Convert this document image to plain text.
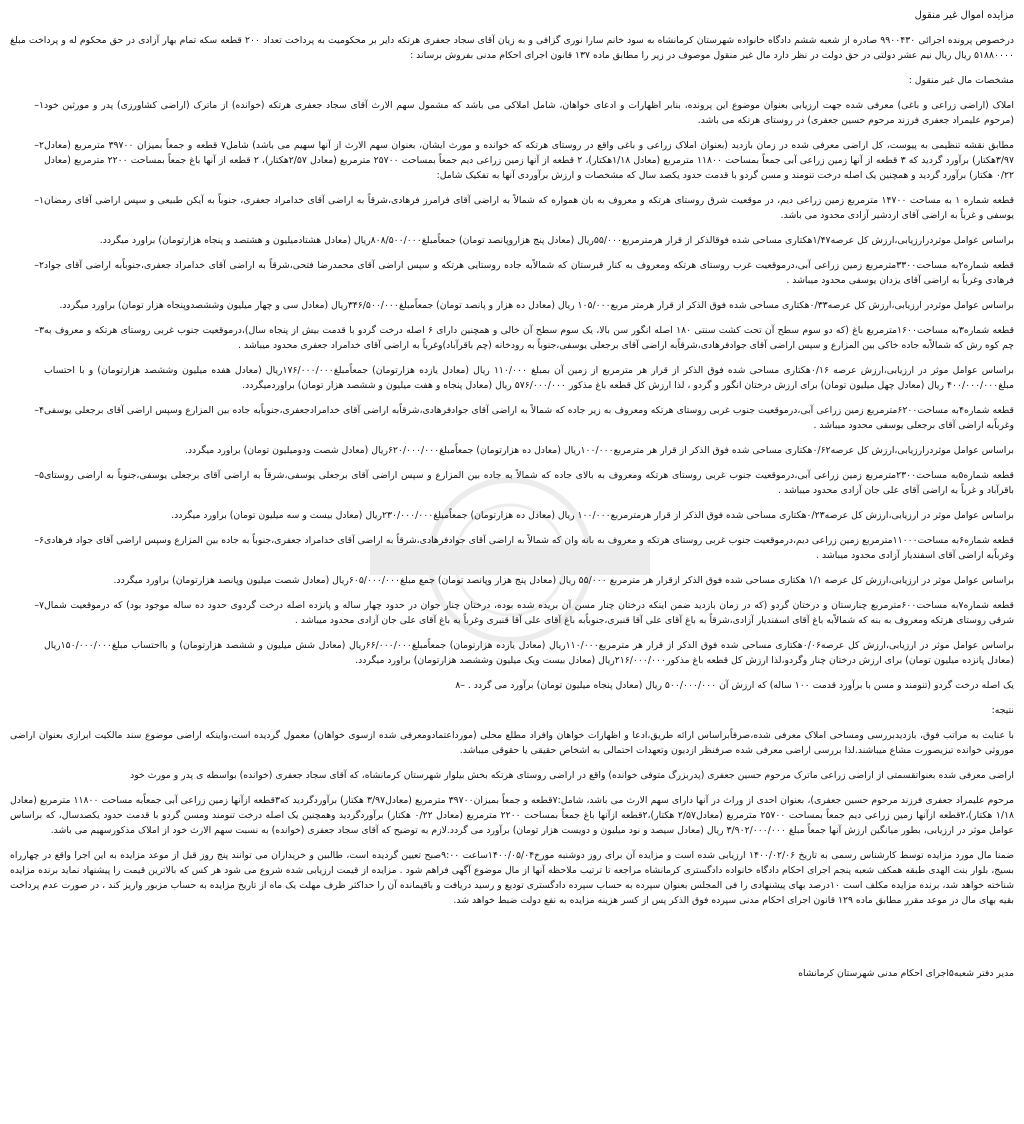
مزایده اموال غیر منقول
درخصوص پرونده اجرائی ۹۹۰۰۴۳۰ صادره از شعبه ششم دادگاه خانواده شهرستان کرمانشاه به سود خانم سارا نوری گزافی و به زیان آقای سجاد جعفری هرتکه دایر بر محکومیت به پرداخت تعداد ۲۰۰ قطعه سکه تمام بهار آزادی در حق محکوم له و پرداخت مبلغ ۵۱۸۸۰۰۰۰ ریال ریال نیم عشر دولتی در حق دولت در نظر دارد مال غیر منقول موصوف در زیر را مطابق ماده ۱۳۷ قانون اجرای احکام مدنی بفروش برساند :
مشخصات مال غیر منقول :
املاک (اراضی زراعی و باغی) معرفی شده جهت ارزیابی بعنوان موضوع این پرونده، بنابر اظهارات و ادعای خواهان، شامل املاکی می باشد که مشمول سهم الارث آقای سجاد جعفری هرتکه (خوانده) از ماترک (اراضی کشاورزی) پدر و مورثین خود (مرحوم علیمراد جعفری فرزند مرحوم حسین جعفری) در روستای هرتکه می باشد.
۱–
مطابق نقشه تنظیمی به پیوست، کل اراضی معرفی شده در زمان بازدید (بعنوان املاک زراعی و باغی واقع در روستای هرتکه که خوانده و مورث ایشان، بعنوان سهم الارث از آنها سهیم می باشد) شامل۷ قطعه و جمعاً بمیزان ۳۹۷۰۰ مترمربع (معادل ۳/۹۷هکتار) برآورد گردید که ۳ قطعه از آنها زمین زراعی آبی جمعاً بمساحت ۱۱۸۰۰ مترمربع (معادل ۱/۱۸هکتار)، ۲ قطعه از آنها زمین زراعی دیم جمعاً بمساحت ۲۵۷۰۰ مترمربع (معادل ۲/۵۷هکتار)، ۲ قطعه از آنها باغ جمعاً بمساحت ۲۲۰۰ مترمربع (معادل ۰/۲۲ هکتار) برآورد گردید و همچنین یک اصله درخت تنومند و مسن گردو با قدمت حدود یکصد سال که مشخصات و ارزش برآوردی آنها به تفکیک شامل:
۲–
قطعه شماره ۱ به مساحت ۱۴۷۰۰ مترمربع زمین زراعی دیم، در موقعیت شرق روستای هرتکه و معروف به بان همواره که شمالاً به اراضی آقای فرامرز فرهادی،شرقاً به اراضی آقای خدامراد جعفری، جنوباً به آیکن طبیعی و سپس اراضی آقای رمضان یوسفی و غرباً به اراضی آقای اردشیر آزادی محدود می باشد.
۱–
براساس عوامل موثردرارزیابی،ارزش کل عرصه۱/۴۷هکتاری مساحی شده فوقالذکر از قرار هرمترمربع۵۵/۰۰۰ریال (معادل پنج هزاروپانصد تومان) جمعاًمبلغ۸۰۸/۵۰۰/۰۰۰ریال (معادل هشتادمیلیون و هشتصد و پنجاه هزارتومان) براورد میگردد.
قطعه شماره۲به مساحت۳۳۰۰مترمربع زمین زراعی آبی،درموقعیت غرب روستای هرتکه ومعروف به کنار قبرستان که شمالاًبه جاده روستایی هرتکه و سپس اراضی آقای محمدرضا فتحی،شرقاً به اراضی آقای خدامراد جعفری،جنوباًبه اراضی آقای جواد فرهادی وغرباً به اراضی آقای یزدان یوسفی محدود میباشد .
۲–
براساس عوامل موثردر ارزیابی،ارزش کل عرصه۰/۳۳هکتاری مساحی شده فوق الذکر از قرار هرمتر مربع۱۰۵/۰۰۰ ریال (معادل ده هزار و پانصد تومان) جمعاًمبلغ۳۴۶/۵۰۰/۰۰۰ریال (معادل سی و چهار میلیون وششصدوپنجاه هزار تومان) براورد میگردد.
قطعه شماره۳به مساحت۱۶۰۰مترمربع باغ (که دو سوم سطح آن تحت کشت سنتی ۱۸۰ اصله انگور سن بالا، یک سوم سطح آن خالی و همچنین دارای ۶ اصله درخت گردو با قدمت بیش از پنجاه سال)،درموقعیت جنوب غربی روستای هرتکه و معروف به چم کوه رش که شمالاًبه جاده خاکی بین المزارع و سپس اراضی آقای جوادفرهادی،شرقاًبه اراضی آقای برجعلی یوسفی،جنوباً به رودخانه (چم باقرآباد)وغرباً به اراضی آقای خدامراد جعفری محدود میباشد .
۳–
براساس عوامل موثر در ارزیابی،ارزش عرصه ۰/۱۶هکتاری مساحی شده فوق الذکر از قرار هر مترمربع از زمین آن بمبلغ ۱۱۰/۰۰۰ ریال (معادل یازده هزارتومان) جمعاًمبلغ۱۷۶/۰۰۰/۰۰۰ریال (معادل هفده میلیون وششصد هزارتومان) و با احتساب مبلغ۴۰۰/۰۰۰/۰۰۰ ریال (معادل چهل میلیون تومان) برای ارزش درختان انگور و گردو ، لذا ارزش کل قطعه باغ مذکور ۵۷۶/۰۰۰/۰۰۰ ریال (معادل پنجاه و هفت میلیون و ششصد هزار تومان) براوردمیگردد.
قطعه شماره۴به مساحت۶۲۰۰مترمربع زمین زراعی آبی،درموقعیت جنوب غربی روستای هرتکه ومعروف به زیر جاده که شمالاً به اراضی آقای جوادفرهادی،شرقاًبه اراضی آقای خدامرادجعفری،جنوباًبه جاده بین المزارع وسپس اراضی آقای برجعلی یوسفی وغرباًبه اراضی آقای برجعلی یوسفی محدود میباشد .
۴–
براساس عوامل موثردرارزیابی،ارزش کل عرصه۰/۶۲هکتاری مساحی شده فوق الذکر از قرار هر مترمربع۱۰۰/۰۰۰ریال (معادل ده هزارتومان) جمعاًمبلغ۶۲۰/۰۰۰/۰۰۰ریال (معادل شصت ودومیلیون تومان) براورد میگردد.
قطعه شماره۵به مساحت۲۳۰۰مترمربع زمین زراعی آبی،درموقعیت جنوب غربی روستای هرتکه ومعروف به بالای جاده که شمالاً به جاده بین المزارع و سپس اراضی آقای برجعلی یوسفی،شرقاً به اراضی آقای برجعلی یوسفی،جنوباً به اراضی روستای باقرآباد و غرباً به اراضی آقای علی جان آزادی محدود میباشد .
۵–
براساس عوامل موثر در ارزیابی،ارزش کل عرصه۰/۲۳هکتاری مساحی شده فوق الذکر از قرار هرمترمربع۱۰۰/۰۰۰ ریال (معادل ده هزارتومان) جمعاًمبلغ۲۳۰/۰۰۰/۰۰۰ریال (معادل بیست و سه میلیون تومان) براورد میگردد.
قطعه شماره۶به مساحت۱۱۰۰۰مترمربع زمین زراعی دیم،درموقعیت جنوب غربی روستای هرتکه و معروف به بانه وان که شمالاً به اراضی آقای جوادفرهادی،شرقاً به اراضی آقای خدامراد جعفری،جنوباً به جاده بین المزارع وسپس اراضی آقای جواد فرهادی وغرباًبه اراضی آقای اسفندیار آزادی محدود میباشد .
۶–
براساس عوامل موثر در ارزیابی،ارزش کل عرصه ۱/۱ هکتاری مساحی شده فوق الذکر ازقرار هر مترمربع ۵۵/۰۰۰ ریال (معادل پنج هزار وپانصد تومان) جمع مبلغ۶۰۵/۰۰۰/۰۰۰ریال (معادل شصت میلیون وپانصد هزارتومان) براورد میگردد.
قطعه شماره۷به مساحت۶۰۰مترمربع چنارستان و درختان گردو (که در زمان بازدید ضمن اینکه درختان چنار مسن آن بریده شده بوده، درختان چنار جوان در حدود چهار ساله و پانزده اصله درخت گردوی حدود ده ساله موجود بود) که درموقعیت شمال شرقی روستای هرتکه ومعروف به بنه که شمالاًبه باغ آقای اسفندیار آزادی،شرقاً به باغ آقای علی آقا قنبری،جنوباًبه باغ آقای علی آقا قنبری وغرباً به باغ آقای علی جان آزادی محدود میباشد .
۷–
براساس عوامل موثر در ارزیابی،ارزش کل عرصه۰/۰۶هکتاری مساحی شده فوق الذکر از قرار هر مترمربع۱۱۰/۰۰۰ریال (معادل یازده هزارتومان) جمعاًمبلغ۶۶/۰۰۰/۰۰۰ریال (معادل شش میلیون و ششصد هزارتومان) و بااحتساب مبلغ۱۵۰/۰۰۰/۰۰۰ریال (معادل پانزده میلیون تومان) برای ارزش درختان چنار وگردو،لذا ارزش کل قطعه باغ مذکور۲۱۶/۰۰۰/۰۰۰ریال (معادل بیست ویک میلیون وششصد هزارتومان) براورد میگردد.
یک اصله درخت گردو (تنومند و مسن با برآورد قدمت ۱۰۰ ساله) که ارزش آن ۵۰۰/۰۰۰/۰۰۰ ریال (معادل پنجاه میلیون تومان) برآورد می گردد . –۸
نتیجه:
با عنایت به مراتب فوق، بازدیدبررسی ومساحی املاک معرفی شده،صرفاًبراساس ارائه طریق،ادعا و اظهارات خواهان وافراد مطلع محلی (مورداعتمادومعرفی شده ازسوی خواهان) معمول گردیده است،واینکه اراضی موضوع سند مالکیت ابرازی بعنوان اراضی موروثی خوانده تیزیصورت مشاع میباشند.لذا بررسی اراضی معرفی شده صرفنظر ازدیون وتعهدات احتمالی به اشخاص حقیقی یا حقوقی میباشد.
اراضی معرفی شده بعنواتقسمتی از اراضی زراعی ماترک مرحوم حسین جعفری (پدربزرگ متوفی خوانده) واقع در اراضی روستای هرتکه بخش بیلوار شهرستان کرمانشاه، که آقای سجاد جعفری (خوانده) بواسطه ی پدر و مورث خود
مرحوم علیمراد جعفری فرزند مرحوم حسین جعفری)، بعنوان احدی از وراث در آنها دارای سهم الارث می باشد، شامل:۷قطعه و جمعاً بمیزان۳۹۷۰۰ مترمربع (معادل۳/۹۷ هکتار) برآوردگردید که۳قطعه ازآنها زمین زراعی آبی جمعاًبه مساحت ۱۱۸۰۰ مترمربع (معادل ۱/۱۸ هکتار)،۲قطعه ازآنها زمین زراعی دیم جمعاً بمساحت ۲۵۷۰۰ مترمربع (معادل۲/۵۷ هکتار)،۲قطعه ازآنها باغ جمعاً بمساحت ۲۲۰۰ مترمربع (معادل ۰/۲۲ هکتار) برآوردگردید وهمچنین یک اصله درخت تنومند ومسن گردو با قدمت حدود یکصدسال، که براساس عوامل موثر در ارزیابی، بطور میانگین ارزش آنها جمعاً مبلغ ۳/۹۰۲/۰۰۰/۰۰۰ ریال (معادل سیصد و نود میلیون و دویست هزار تومان) برآورد می گردد.لازم به توضیح که آقای سجاد جعفری (خوانده) به نسبت سهم الارث خود از املاک مذکورسهیم می باشد.
ضمنا مال مورد مزایده توسط کارشناس رسمی به تاریخ ۱۴۰۰/۰۲/۰۶ ارزیابی شده است و مزایده آن برای روز دوشنبه مورخ۱۴۰۰/۰۵/۰۴ساعت ۹:۰۰صبح تعیین گردیده است، طالبین و خریداران می توانند پنج روز قبل از موعد مزایده به این اجرا واقع در چهارراه بسیج، بلوار بنت الهدی طبقه همکف شعبه پنجم اجرای احکام دادگاه خانواده دادگستری کرمانشاه مراجعه تا ترتیب ملاحظه آنها از مال موضوع آگهی فراهم شود . مزایده از قیمت ارزیابی شده شروع می شود هر کس که بالاترین قیمت را پیشنهاد نماید برنده مزایده شناخته خواهد شد، برنده مزایده مکلف است ۱۰درصد بهای پیشنهادی را فی المجلس بعنوان سپرده به حساب سپرده دادگستری تودیع و رسید دریافت و باقیمانده آن را حداکثر ظرف مهلت یک ماه از تاریخ مزایده به حساب مزبور واریز کند ، در صورت عدم پرداخت بقیه بهای مال در موعد مقرر مطابق ماده ۱۲۹ قانون اجرای احکام مدنی سپرده فوق الذکر پس از کسر هزینه مزایده به نفع دولت ضبط خواهد شد.
مدیر دفتر شعبه۵اجرای احکام مدنی شهرستان کرمانشاه
